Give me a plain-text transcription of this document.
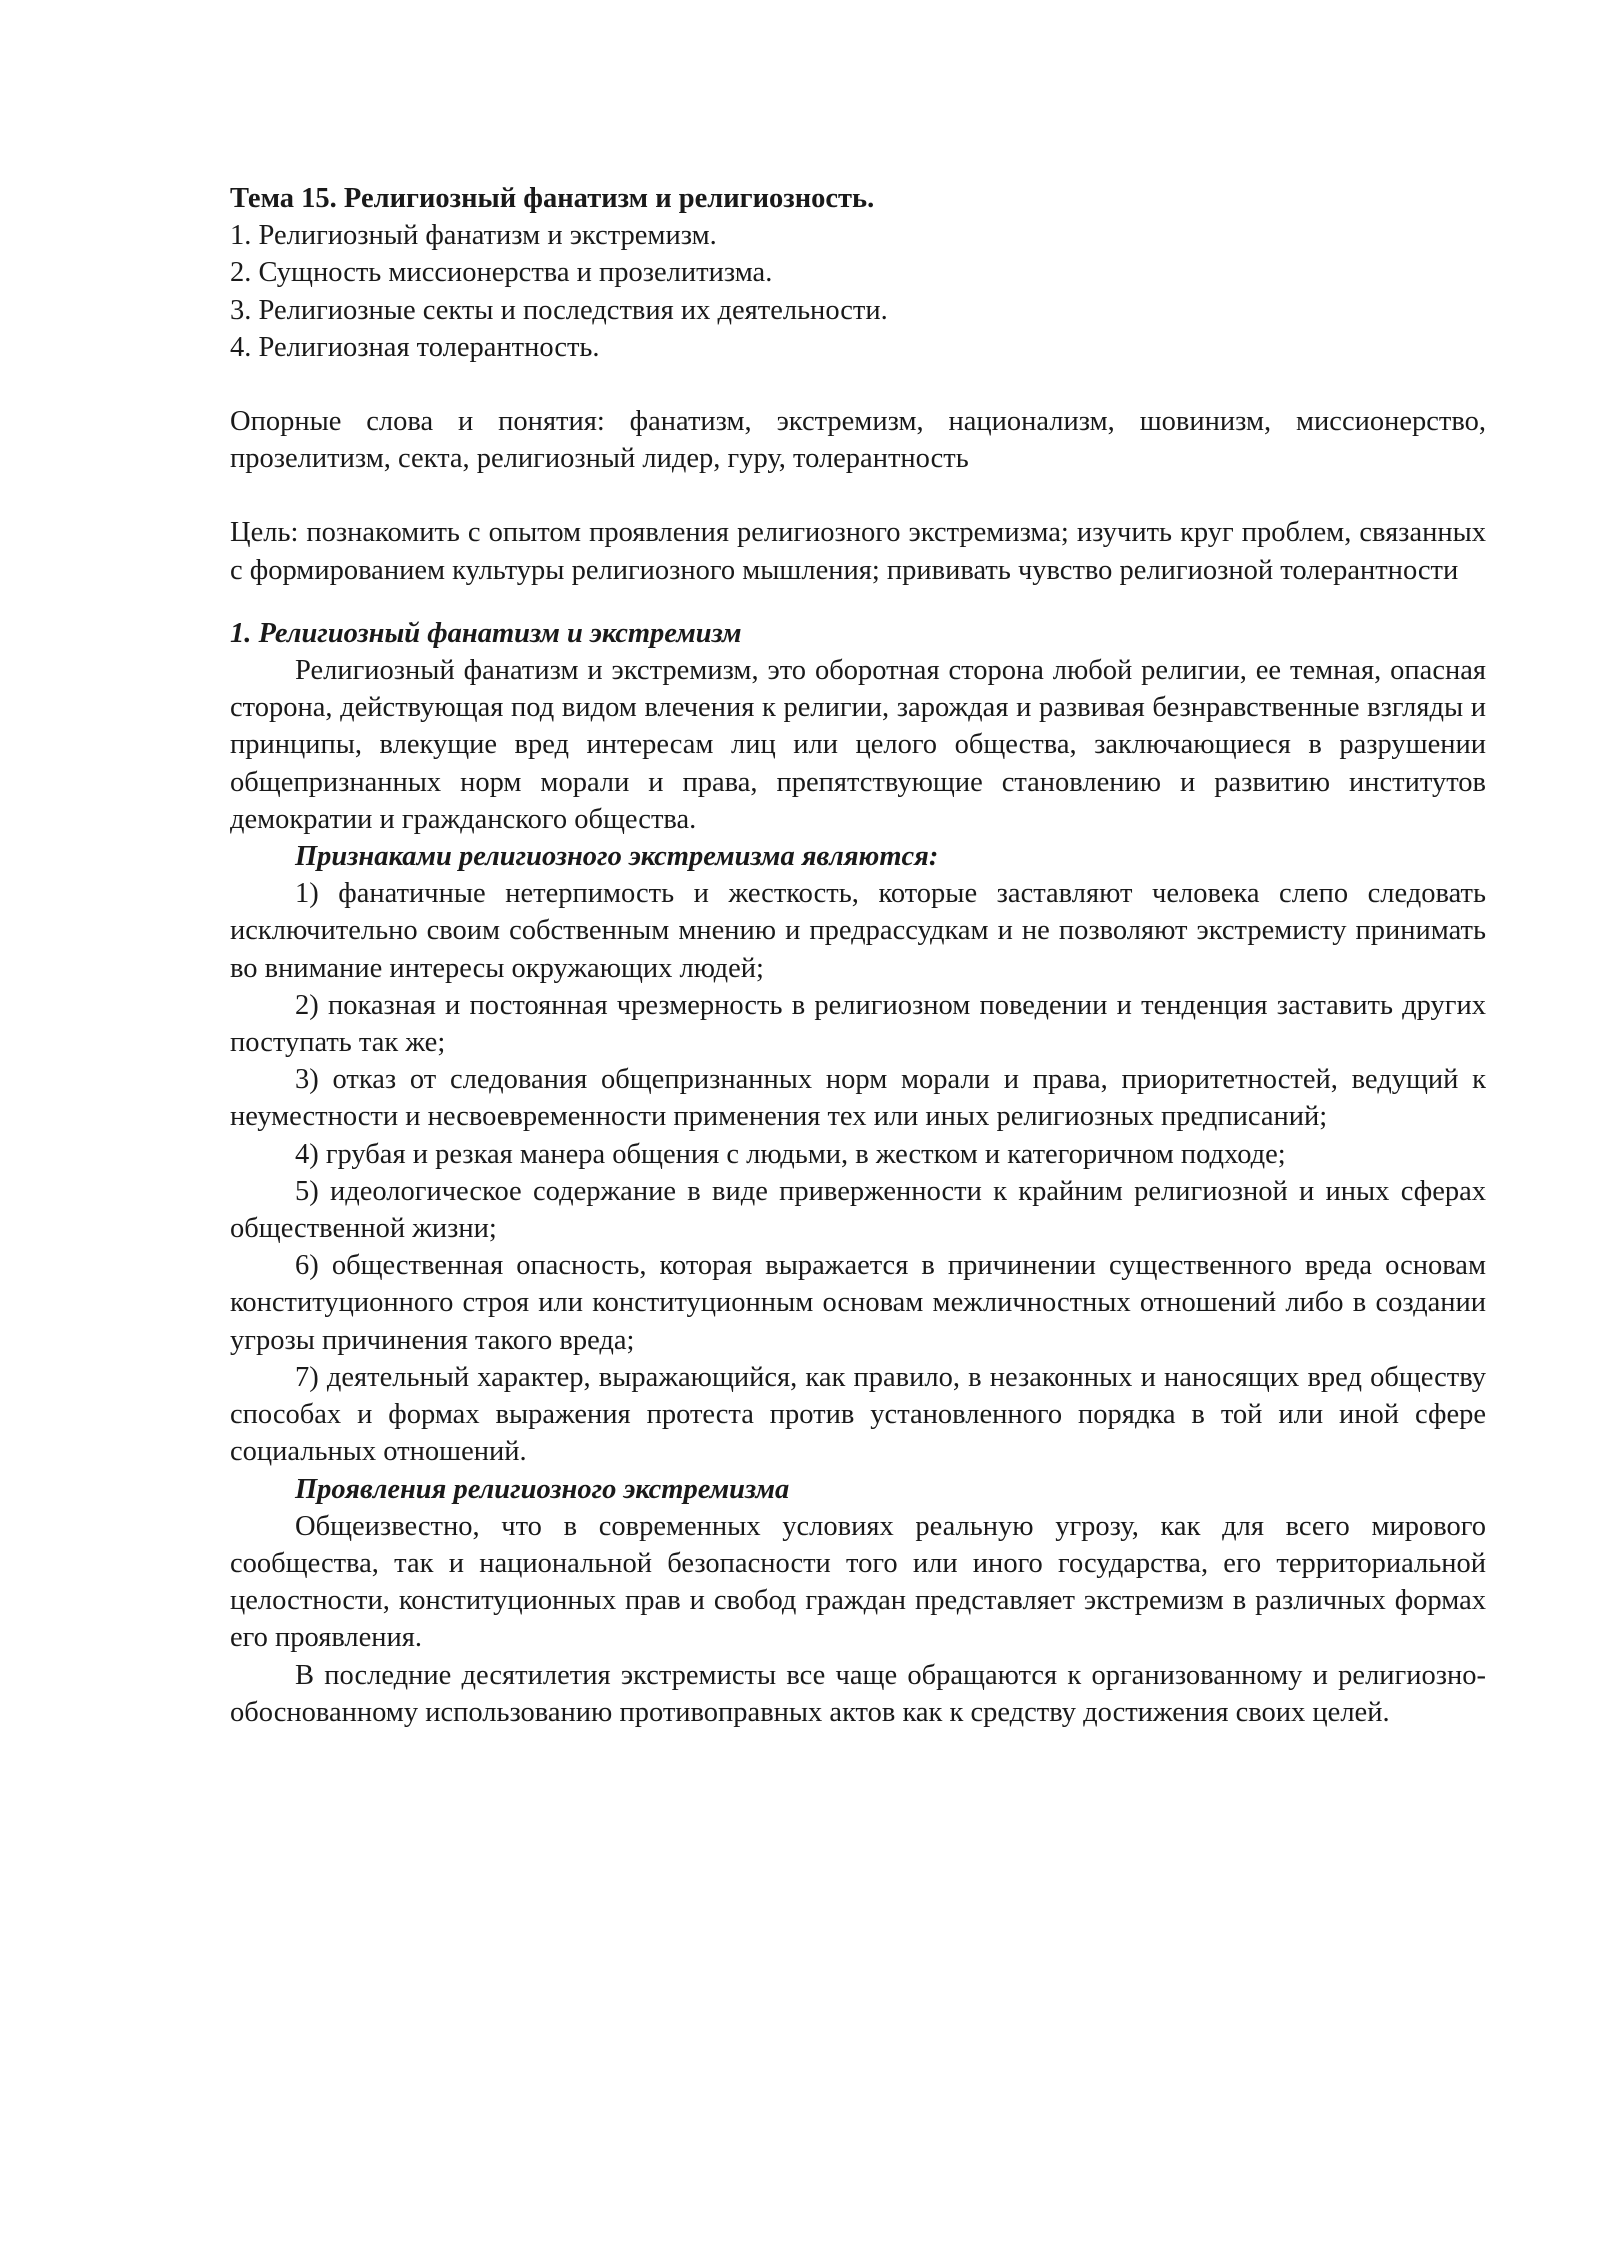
Тема 15. Религиозный фанатизм и религиозность.

1. Религиозный фанатизм и экстремизм.

2. Сущность миссионерства и прозелитизма.

3. Религиозные секты и последствия их деятельности.

4. Религиозная толерантность.

Опорные слова и понятия: фанатизм, экстремизм, национализм, шовинизм, миссионерство, прозелитизм, секта, религиозный лидер, гуру, толерантность

Цель: познакомить с опытом проявления религиозного экстремизма; изучить круг проблем, связанных с формированием культуры религиозного мышления; прививать чувство религиозной толерантности

1. Религиозный фанатизм и экстремизм

Религиозный фанатизм и экстремизм, это оборотная сторона любой религии, ее темная, опасная сторона, действующая под видом влечения к религии, зарождая и развивая безнравственные взгляды и принципы, влекущие вред интересам лиц или целого общества, заключающиеся в разрушении общепризнанных норм морали и права, препятствующие становлению и развитию институтов демократии и гражданского общества.

Признаками религиозного экстремизма являются:

1) фанатичные нетерпимость и жесткость, которые заставляют человека слепо следовать исключительно своим собственным мнению и предрассудкам и не позволяют экстремисту принимать во внимание интересы окружающих людей;

2) показная и постоянная чрезмерность в религиозном поведении и тенденция заставить других поступать так же;

3) отказ от следования общепризнанных норм морали и права, приоритетностей, ведущий к неуместности и несвоевременности применения тех или иных религиозных предписаний;

4) грубая и резкая манера общения с людьми, в жестком и категоричном подходе;

5) идеологическое содержание в виде приверженности к крайним религиозной и иных сферах общественной жизни;

6) общественная опасность, которая выражается в причинении существенного вреда основам конституционного строя или конституционным основам межличностных отношений либо в создании угрозы причинения такого вреда;

7) деятельный характер, выражающийся, как правило, в незаконных и наносящих вред обществу способах и формах выражения протеста против установленного порядка в той или иной сфере социальных отношений.

Проявления религиозного экстремизма

Общеизвестно, что в современных условиях реальную угрозу, как для всего мирового сообщества, так и национальной безопасности того или иного государства, его территориальной целостности, конституционных прав и свобод граждан представляет экстремизм в различных формах его проявления.

В последние десятилетия экстремисты все чаще обращаются к организованному и религиозно-обоснованному использованию противоправных актов как к средству достижения своих целей.
